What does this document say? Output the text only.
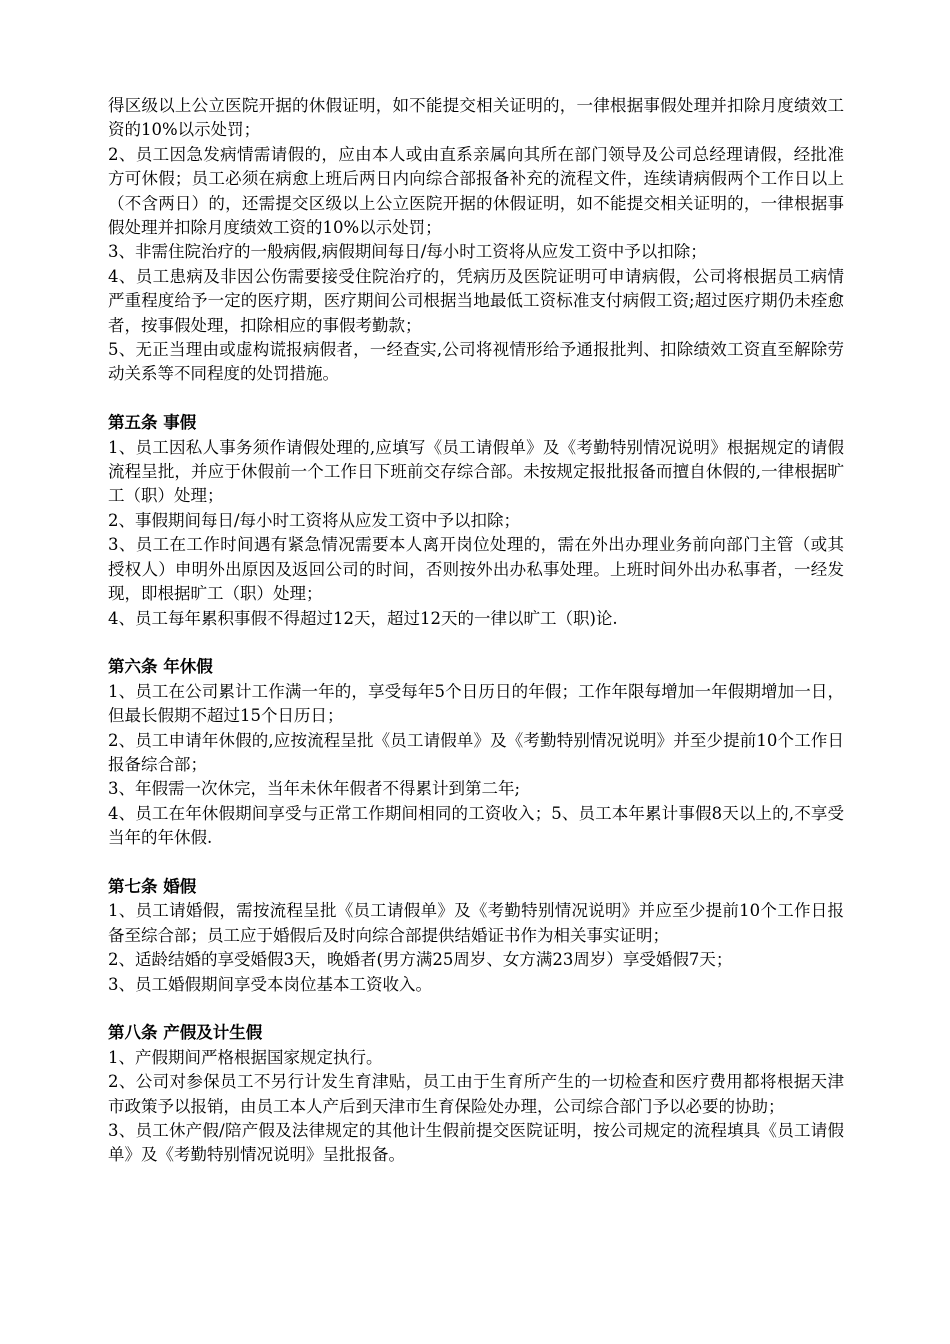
得区级以上公立医院开据的休假证明，如不能提交相关证明的，一律根据事假处理并扣除月度绩效工资的10%以示处罚；

2、员工因急发病情需请假的，应由本人或由直系亲属向其所在部门领导及公司总经理请假，经批准方可休假；员工必须在病愈上班后两日内向综合部报备补充的流程文件，连续请病假两个工作日以上（不含两日）的，还需提交区级以上公立医院开据的休假证明，如不能提交相关证明的，一律根据事假处理并扣除月度绩效工资的10%以示处罚；

3、非需住院治疗的一般病假,病假期间每日/每小时工资将从应发工资中予以扣除；

4、员工患病及非因公伤需要接受住院治疗的，凭病历及医院证明可申请病假，公司将根据员工病情严重程度给予一定的医疗期，医疗期间公司根据当地最低工资标准支付病假工资;超过医疗期仍未痊愈者，按事假处理，扣除相应的事假考勤款；

5、无正当理由或虚构谎报病假者，一经查实,公司将视情形给予通报批判、扣除绩效工资直至解除劳动关系等不同程度的处罚措施。

第五条 事假

1、员工因私人事务须作请假处理的,应填写《员工请假单》及《考勤特别情况说明》根据规定的请假流程呈批，并应于休假前一个工作日下班前交存综合部。未按规定报批报备而擅自休假的,一律根据旷工（职）处理；

2、事假期间每日/每小时工资将从应发工资中予以扣除；

3、员工在工作时间遇有紧急情况需要本人离开岗位处理的，需在外出办理业务前向部门主管（或其授权人）申明外出原因及返回公司的时间，否则按外出办私事处理。上班时间外出办私事者，一经发现，即根据旷工（职）处理；

4、员工每年累积事假不得超过12天，超过12天的一律以旷工（职)论.

第六条 年休假

1、员工在公司累计工作满一年的，享受每年5个日历日的年假；工作年限每增加一年假期增加一日，但最长假期不超过15个日历日；

2、员工申请年休假的,应按流程呈批《员工请假单》及《考勤特别情况说明》并至少提前10个工作日报备综合部；

3、年假需一次休完，当年未休年假者不得累计到第二年;

4、员工在年休假期间享受与正常工作期间相同的工资收入；5、员工本年累计事假8天以上的,不享受当年的年休假.

第七条 婚假

1、员工请婚假，需按流程呈批《员工请假单》及《考勤特别情况说明》并应至少提前10个工作日报备至综合部；员工应于婚假后及时向综合部提供结婚证书作为相关事实证明；

2、适龄结婚的享受婚假3天，晚婚者(男方满25周岁、女方满23周岁）享受婚假7天；

3、员工婚假期间享受本岗位基本工资收入。

第八条 产假及计生假

1、产假期间严格根据国家规定执行。

2、公司对参保员工不另行计发生育津贴，员工由于生育所产生的一切检查和医疗费用都将根据天津市政策予以报销，由员工本人产后到天津市生育保险处办理，公司综合部门予以必要的协助；

3、员工休产假/陪产假及法律规定的其他计生假前提交医院证明，按公司规定的流程填具《员工请假单》及《考勤特别情况说明》呈批报备。
